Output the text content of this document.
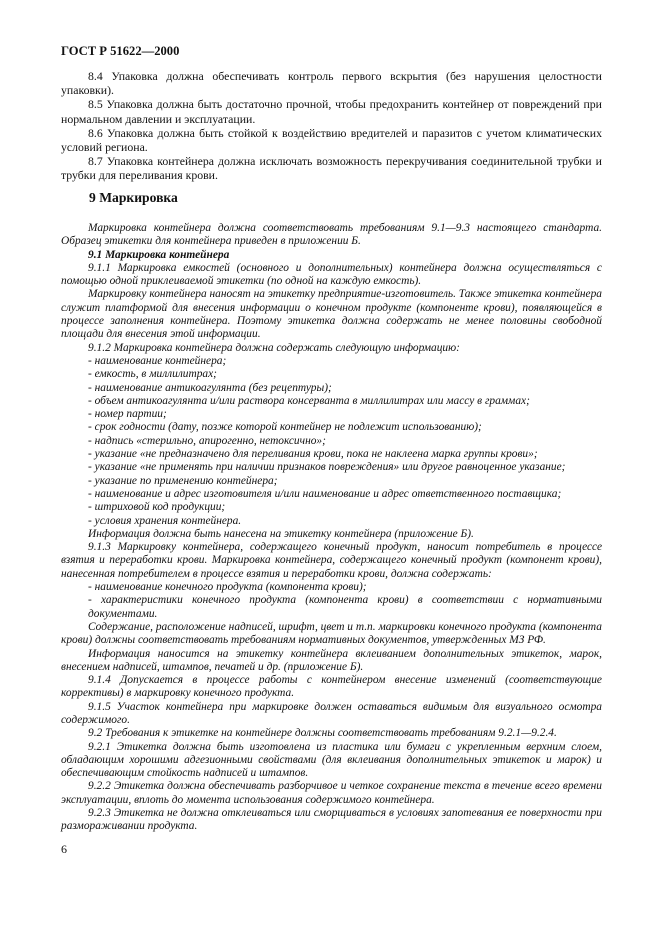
ГОСТ Р 51622—2000

8.4 Упаковка должна обеспечивать контроль первого вскрытия (без нарушения целостности упаковки).

8.5 Упаковка должна быть достаточно прочной, чтобы предохранить контейнер от повреждений при нормальном давлении и эксплуатации.

8.6 Упаковка должна быть стойкой к воздействию вредителей и паразитов с учетом климатических условий региона.

8.7 Упаковка контейнера должна исключать возможность перекручивания соединительной трубки и трубки для переливания крови.

9 Маркировка

Маркировка контейнера должна соответствовать требованиям 9.1—9.3 настоящего стандарта. Образец этикетки для контейнера приведен в приложении Б.

9.1 Маркировка контейнера

9.1.1 Маркировка емкостей (основного и дополнительных) контейнера должна осуществляться с помощью одной приклеиваемой этикетки (по одной на каждую емкость).

Маркировку контейнера наносят на этикетку предприятие-изготовитель. Также этикетка контейнера служит платформой для внесения информации о конечном продукте (компоненте крови), появляющейся в процессе заполнения контейнера. Поэтому этикетка должна содержать не менее половины свободной площади для внесения этой информации.

9.1.2 Маркировка контейнера должна содержать следующую информацию:

- наименование контейнера;

- емкость, в миллилитрах;

- наименование антикоагулянта (без рецептуры);

- объем антикоагулянта и/или раствора консерванта в миллилитрах или массу в граммах;

- номер партии;

- срок годности (дату, позже которой контейнер не подлежит использованию);

- надпись «стерильно, апирогенно, нетоксично»;

- указание «не предназначено для переливания крови, пока не наклеена марка группы крови»;

- указание «не применять при наличии признаков повреждения» или другое равноценное указание;

- указание по применению контейнера;

- наименование и адрес изготовителя и/или наименование и адрес ответственного поставщика;

- штриховой код продукции;

- условия хранения контейнера.

Информация должна быть нанесена на этикетку контейнера (приложение Б).

9.1.3 Маркировку контейнера, содержащего конечный продукт, наносит потребитель в процессе взятия и переработки крови. Маркировка контейнера, содержащего конечный продукт (компонент крови), нанесенная потребителем в процессе взятия и переработки крови, должна содержать:

- наименование конечного продукта (компонента крови);

- характеристики конечного продукта (компонента крови) в соответствии с нормативными документами.

Содержание, расположение надписей, шрифт, цвет и т.п. маркировки конечного продукта (компонента крови) должны соответствовать требованиям нормативных документов, утвержденных МЗ РФ.

Информация наносится на этикетку контейнера вклеиванием дополнительных этикеток, марок, внесением надписей, штампов, печатей и др. (приложение Б).

9.1.4 Допускается в процессе работы с контейнером внесение изменений (соответствующие коррективы) в маркировку конечного продукта.

9.1.5 Участок контейнера при маркировке должен оставаться видимым для визуального осмотра содержимого.

9.2 Требования к этикетке на контейнере должны соответствовать требованиям 9.2.1—9.2.4.

9.2.1 Этикетка должна быть изготовлена из пластика или бумаги с укрепленным верхним слоем, обладающим хорошими адгезионными свойствами (для вклеивания дополнительных этикеток и марок) и обеспечивающим стойкость надписей и штампов.

9.2.2 Этикетка должна обеспечивать разборчивое и четкое сохранение текста в течение всего времени эксплуатации, вплоть до момента использования содержимого контейнера.

9.2.3 Этикетка не должна отклеиваться или сморщиваться в условиях запотевания ее поверхности при размораживании продукта.

6
